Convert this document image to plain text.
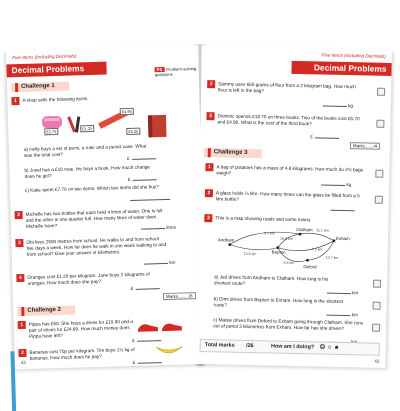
Five Items (Including Decimals)
Decimal Problems	PS Problem-solving questions
Challenge 1
1	A shop sells the following items.
£2.75
£1.25
£4.95
£5.25
a) Holly buys a set of pens, a ruler and a pencil case. What was the total cost?
£
b) Josef has a £10 note. He buys a book. How much change does he get?
£
c) Katie spent £7.70 on two items. Which two items did she buy?
2	Michelle has two bottles that each hold 4 litres of water. One is full and the other is one-quarter full. How many litres of water does Michelle have?	litres
3	Obi lives 2500 metres from school. He walks to and from school five days a week. How far does he walk in one week walking to and from school? Give your answer in kilometres.
km
4	Oranges cost £1.20 per kilogram. Jane buys 2 kilograms of oranges. How much does she pay?
£
Marks........./8
Challenge 2
1	Pippa has £50. She buys a dress for £19.90 and a pair of shoes for £24.99. How much money does Pippa have left?
£
2	Bananas cost 70p per kilogram. Tim buys 1½ kg of bananas. How much does he pay?
£
42
Five Items (Including Decimals)
Decimal Problems
2	Sammy uses 650 grams of flour from a 2 kilogram bag. How much flour is left in the bag?
kg
3	Dominic spends £18.70 on three books. Two of the books cost £5.70 and £4.90. What is the cost of the third book?
£
Marks......./4
Challenge 3
1	A bag of potatoes has a mass of 4.8 kilograms. How much do 2½ bags weigh?
kg
2	A glass holds ⅓ litre. How many times can the glass be filled from a 5 litre bottle?
3	This is a map showing roads and some towns.
Andham
Clatham
Bepton
Exham
Deford
12.5 km
9.7 km
11.1 km
10.8 km
7.3 km
13.7 km
8.6 km
a) Jed drives from Andham to Clatham. How long is his shortest route?
km
b) Dimi drives from Bepton to Exham. How long is the shortest route?
km
c) Maisie drives from Deford to Exham going through Clatham. She runs out of petrol 3 kilometres from Exham. How far has she driven?
Total marks /26	How am I doing? ☹ ☺ ☻
43
